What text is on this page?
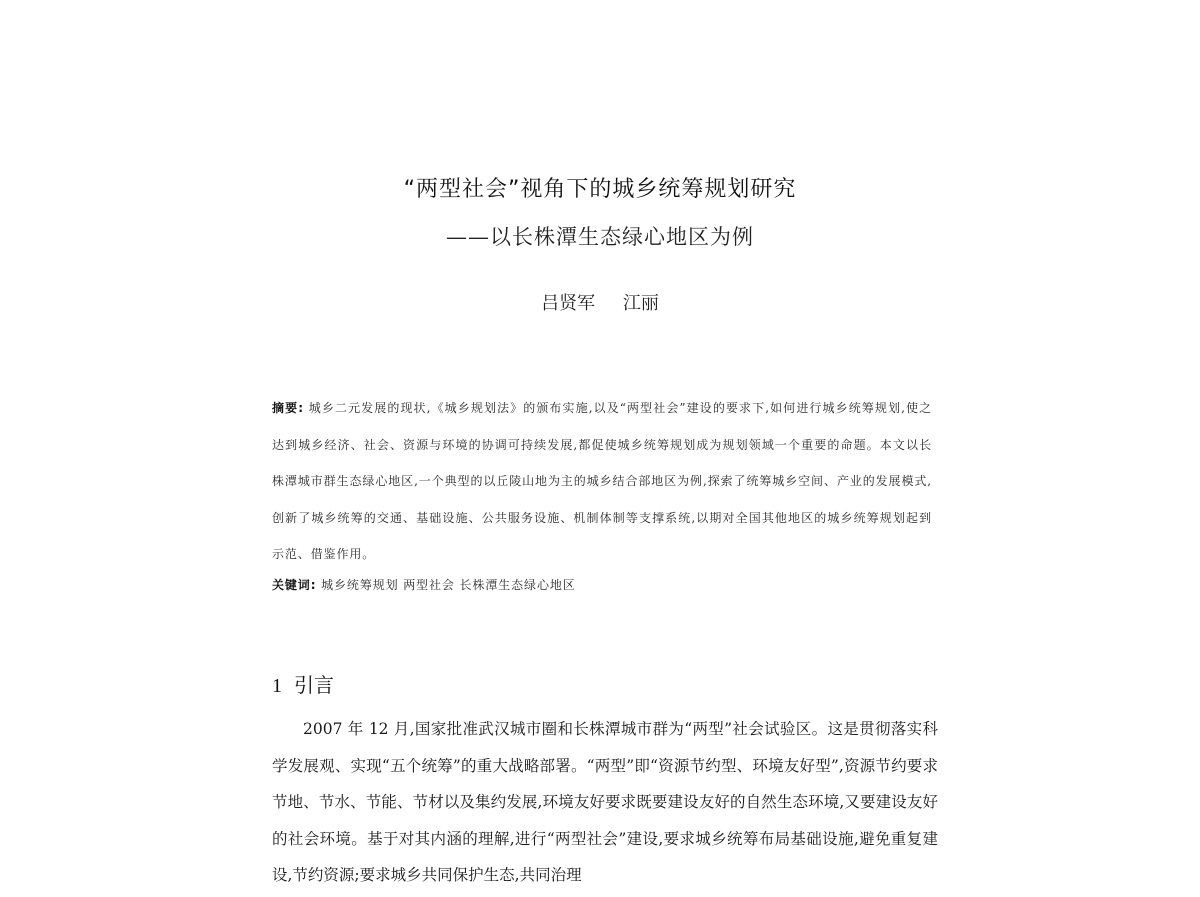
“两型社会”视角下的城乡统筹规划研究
——以长株潭生态绿心地区为例
吕贤军 江丽
摘要: 城乡二元发展的现状,《城乡规划法》的颁布实施,以及“两型社会”建设的要求下,如何进行城乡统筹规划,使之达到城乡经济、社会、资源与环境的协调可持续发展,都促使城乡统筹规划成为规划领域一个重要的命题。本文以长株潭城市群生态绿心地区,一个典型的以丘陵山地为主的城乡结合部地区为例,探索了统筹城乡空间、产业的发展模式,创新了城乡统筹的交通、基础设施、公共服务设施、机制体制等支撑系统,以期对全国其他地区的城乡统筹规划起到示范、借鉴作用。
关键词: 城乡统筹规划 两型社会 长株潭生态绿心地区
1 引言
2007 年 12 月,国家批准武汉城市圈和长株潭城市群为“两型”社会试验区。这是贯彻落实科学发展观、实现“五个统筹”的重大战略部署。“两型”即“资源节约型、环境友好型”,资源节约要求节地、节水、节能、节材以及集约发展,环境友好要求既要建设友好的自然生态环境,又要建设友好的社会环境。基于对其内涵的理解,进行“两型社会”建设,要求城乡统筹布局基础设施,避免重复建设,节约资源;要求城乡共同保护生态,共同治理
